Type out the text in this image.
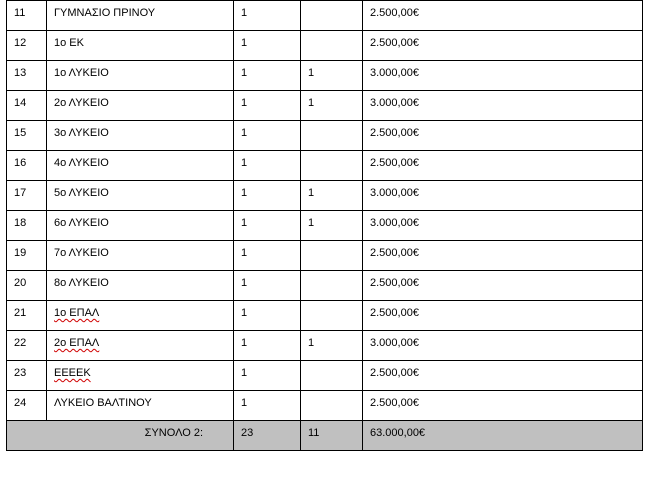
11	ΓΥΜΝΑΣΙΟ ΠΡΙΝΟΥ	1		2.500,00€
12	1ο ΕΚ	1		2.500,00€
13	1ο ΛΥΚΕΙΟ	1	1	3.000,00€
14	2ο ΛΥΚΕΙΟ	1	1	3.000,00€
15	3ο ΛΥΚΕΙΟ	1		2.500,00€
16	4ο ΛΥΚΕΙΟ	1		2.500,00€
17	5ο ΛΥΚΕΙΟ	1	1	3.000,00€
18	6ο ΛΥΚΕΙΟ	1	1	3.000,00€
19	7ο ΛΥΚΕΙΟ	1		2.500,00€
20	8ο ΛΥΚΕΙΟ	1		2.500,00€
21	1ο ΕΠΑΛ	1		2.500,00€
22	2ο ΕΠΑΛ	1	1	3.000,00€
23	ΕΕΕΕΚ	1		2.500,00€
24	ΛΥΚΕΙΟ ΒΑΛΤΙΝΟΥ	1		2.500,00€
ΣΥΝΟΛΟ 2:		23	11	63.000,00€
